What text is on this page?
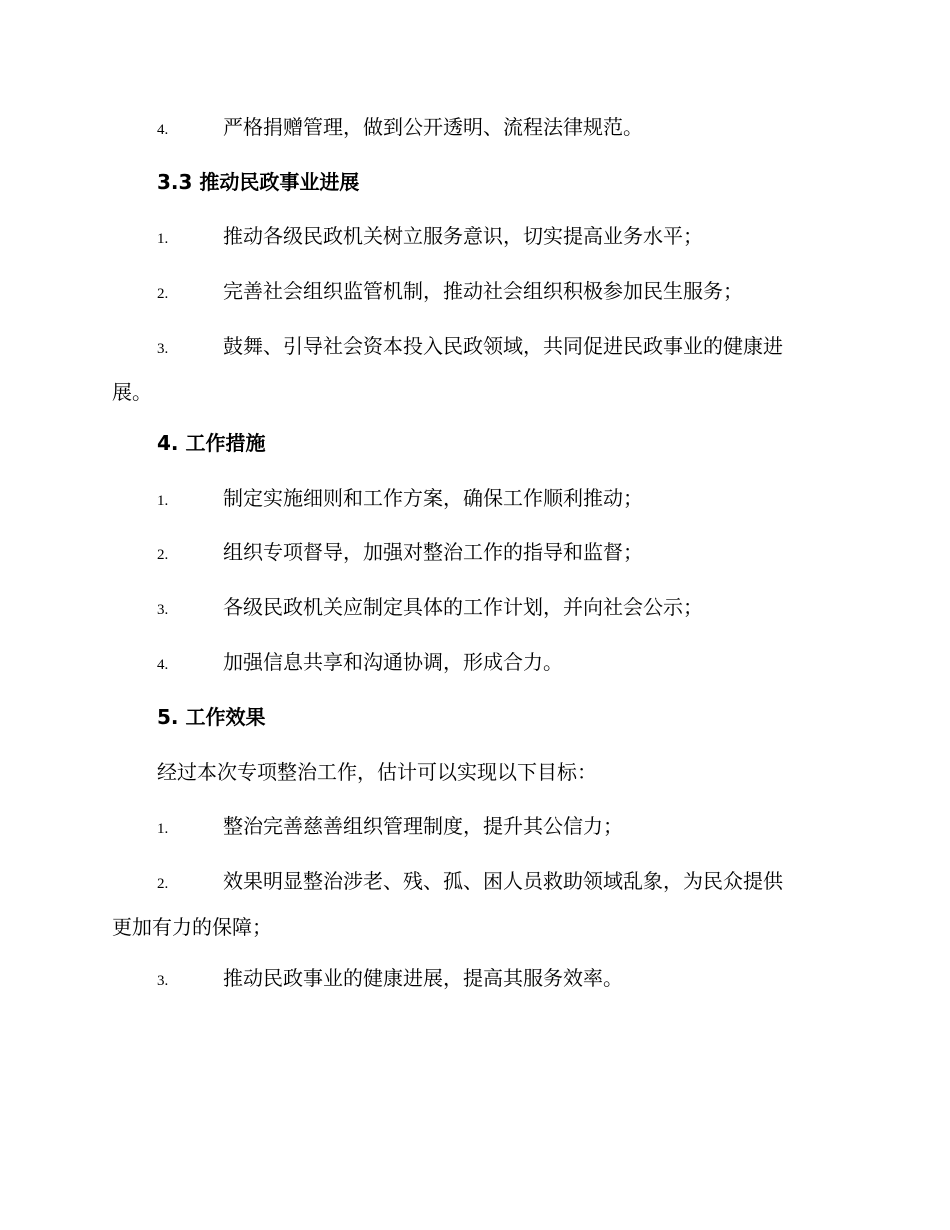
4.	严格捐赠管理，做到公开透明、流程法律规范。
3.3 推动民政事业进展
1.	推动各级民政机关树立服务意识，切实提高业务水平；
2.	完善社会组织监管机制，推动社会组织积极参加民生服务；
3.	鼓舞、引导社会资本投入民政领域，共同促进民政事业的健康进
展。
4. 工作措施
1.	制定实施细则和工作方案，确保工作顺利推动；
2.	组织专项督导，加强对整治工作的指导和监督；
3.	各级民政机关应制定具体的工作计划，并向社会公示；
4.	加强信息共享和沟通协调，形成合力。
5. 工作效果
经过本次专项整治工作，估计可以实现以下目标：
1.	整治完善慈善组织管理制度，提升其公信力；
2.	效果明显整治涉老、残、孤、困人员救助领域乱象，为民众提供
更加有力的保障；
3.	推动民政事业的健康进展，提高其服务效率。
